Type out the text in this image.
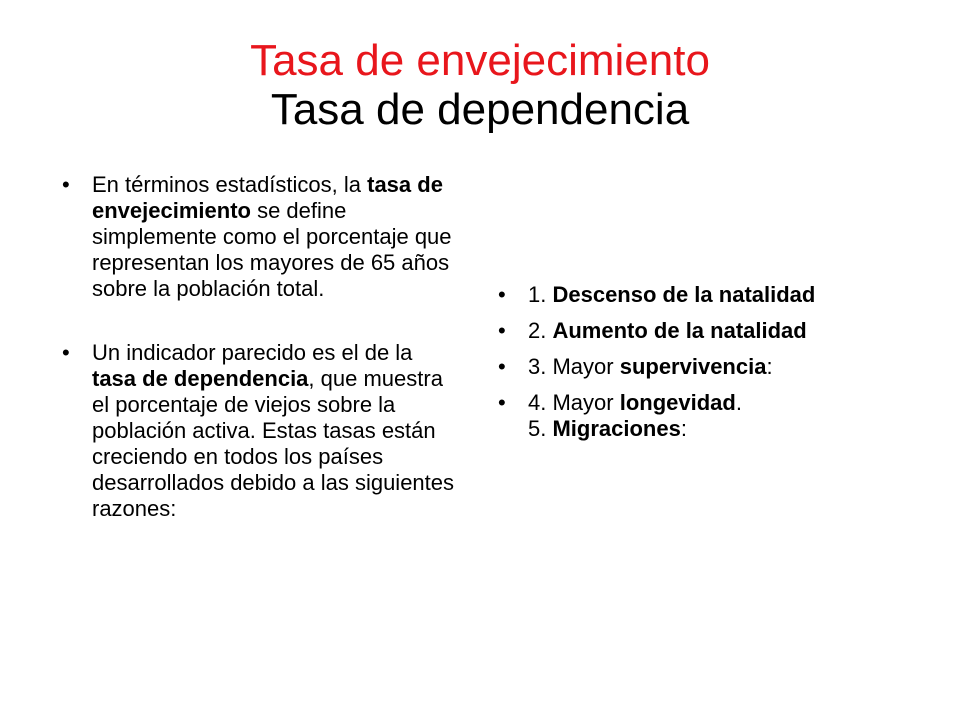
Tasa de envejecimiento
Tasa de dependencia
• En términos estadísticos, la tasa de envejecimiento se define simplemente como el porcentaje que representan los mayores de 65 años sobre la población total.
• Un indicador parecido es el de la tasa de dependencia, que muestra el porcentaje de viejos sobre la población activa. Estas tasas están creciendo en todos los países desarrollados debido a las siguientes razones:
• 1. Descenso de la natalidad
• 2. Aumento de la natalidad
• 3. Mayor supervivencia:
• 4. Mayor longevidad.
5. Migraciones:
